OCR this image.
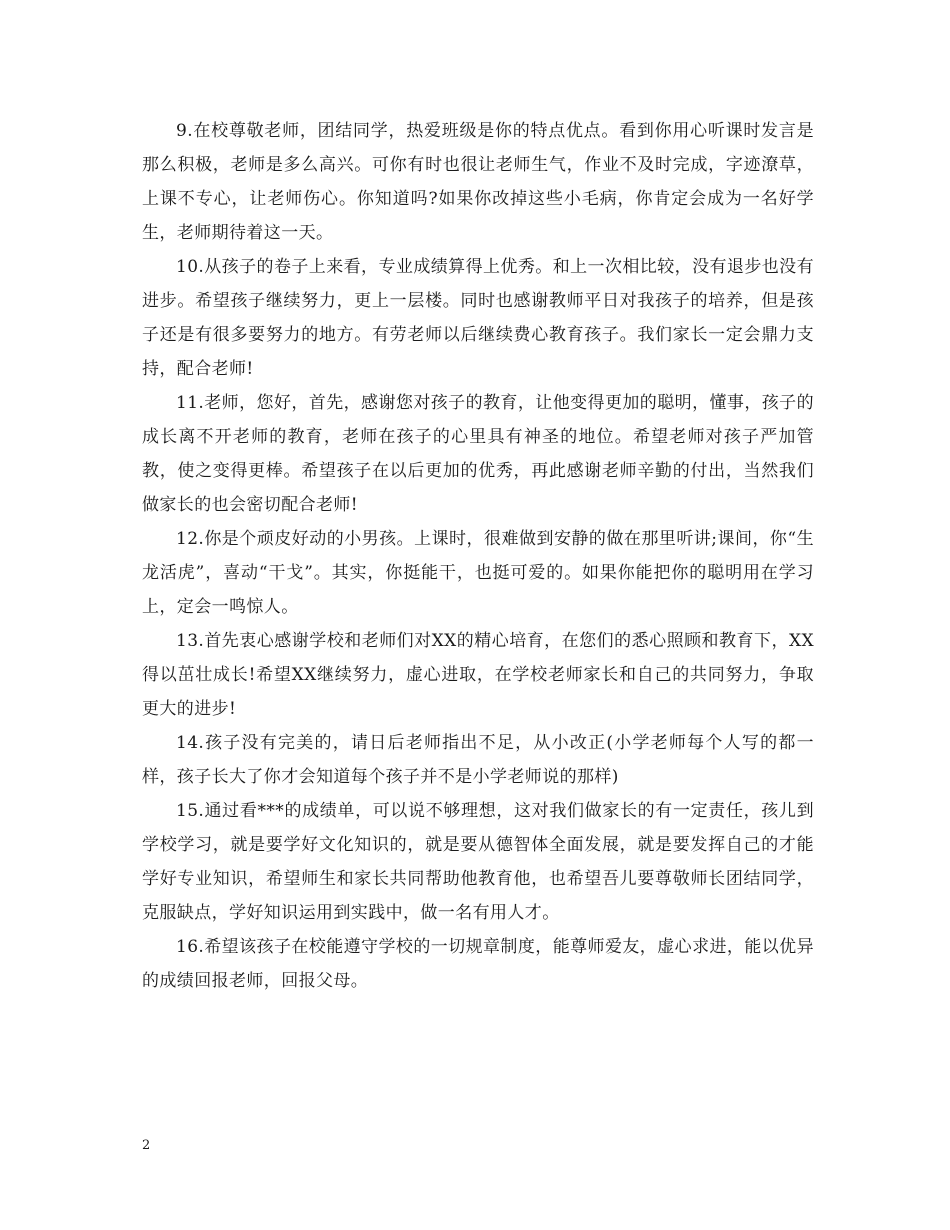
9.在校尊敬老师，团结同学，热爱班级是你的特点优点。看到你用心听课时发言是那么积极，老师是多么高兴。可你有时也很让老师生气，作业不及时完成，字迹潦草，上课不专心，让老师伤心。你知道吗?如果你改掉这些小毛病，你肯定会成为一名好学生，老师期待着这一天。

10.从孩子的卷子上来看，专业成绩算得上优秀。和上一次相比较，没有退步也没有进步。希望孩子继续努力，更上一层楼。同时也感谢教师平日对我孩子的培养，但是孩子还是有很多要努力的地方。有劳老师以后继续费心教育孩子。我们家长一定会鼎力支持，配合老师!

11.老师，您好，首先，感谢您对孩子的教育，让他变得更加的聪明，懂事，孩子的成长离不开老师的教育，老师在孩子的心里具有神圣的地位。希望老师对孩子严加管教，使之变得更棒。希望孩子在以后更加的优秀，再此感谢老师辛勤的付出，当然我们做家长的也会密切配合老师!

12.你是个顽皮好动的小男孩。上课时，很难做到安静的做在那里听讲;课间，你“生龙活虎”，喜动“干戈”。其实，你挺能干，也挺可爱的。如果你能把你的聪明用在学习上，定会一鸣惊人。

13.首先衷心感谢学校和老师们对XX的精心培育，在您们的悉心照顾和教育下，XX得以茁壮成长!希望XX继续努力，虚心进取，在学校老师家长和自己的共同努力，争取更大的进步!

14.孩子没有完美的，请日后老师指出不足，从小改正(小学老师每个人写的都一样，孩子长大了你才会知道每个孩子并不是小学老师说的那样)

15.通过看***的成绩单，可以说不够理想，这对我们做家长的有一定责任，孩儿到学校学习，就是要学好文化知识的，就是要从德智体全面发展，就是要发挥自己的才能学好专业知识，希望师生和家长共同帮助他教育他，也希望吾儿要尊敬师长团结同学，克服缺点，学好知识运用到实践中，做一名有用人才。

16.希望该孩子在校能遵守学校的一切规章制度，能尊师爱友，虚心求进，能以优异的成绩回报老师，回报父母。

2
